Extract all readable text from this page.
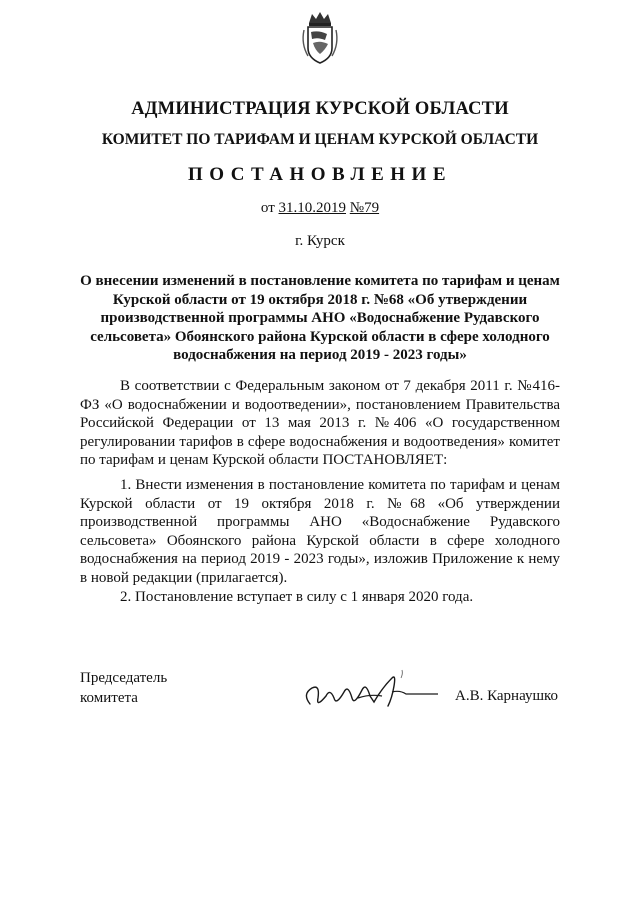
АДМИНИСТРАЦИЯ КУРСКОЙ ОБЛАСТИ
КОМИТЕТ ПО ТАРИФАМ И ЦЕНАМ КУРСКОЙ ОБЛАСТИ
ПОСТАНОВЛЕНИЕ
от 31.10.2019 №79
г. Курск
О внесении изменений в постановление комитета по тарифам и ценам Курской области от 19 октября 2018 г. №68 «Об утверждении производственной программы АНО «Водоснабжение Рудавского сельсовета» Обоянского района Курской области в сфере холодного водоснабжения на период 2019 - 2023 годы»

В соответствии с Федеральным законом от 7 декабря 2011 г. №416-ФЗ «О водоснабжении и водоотведении», постановлением Правительства Российской Федерации от 13 мая 2013 г. №406 «О государственном регулировании тарифов в сфере водоснабжения и водоотведения» комитет по тарифам и ценам Курской области ПОСТАНОВЛЯЕТ:

1. Внести изменения в постановление комитета по тарифам и ценам Курской области от 19 октября 2018 г. №68 «Об утверждении производственной программы АНО «Водоснабжение Рудавского сельсовета» Обоянского района Курской области в сфере холодного водоснабжения на период 2019 - 2023 годы», изложив Приложение к нему в новой редакции (прилагается).

2. Постановление вступает в силу с 1 января 2020 года.

Председатель
комитета	А.В. Карнаушко
